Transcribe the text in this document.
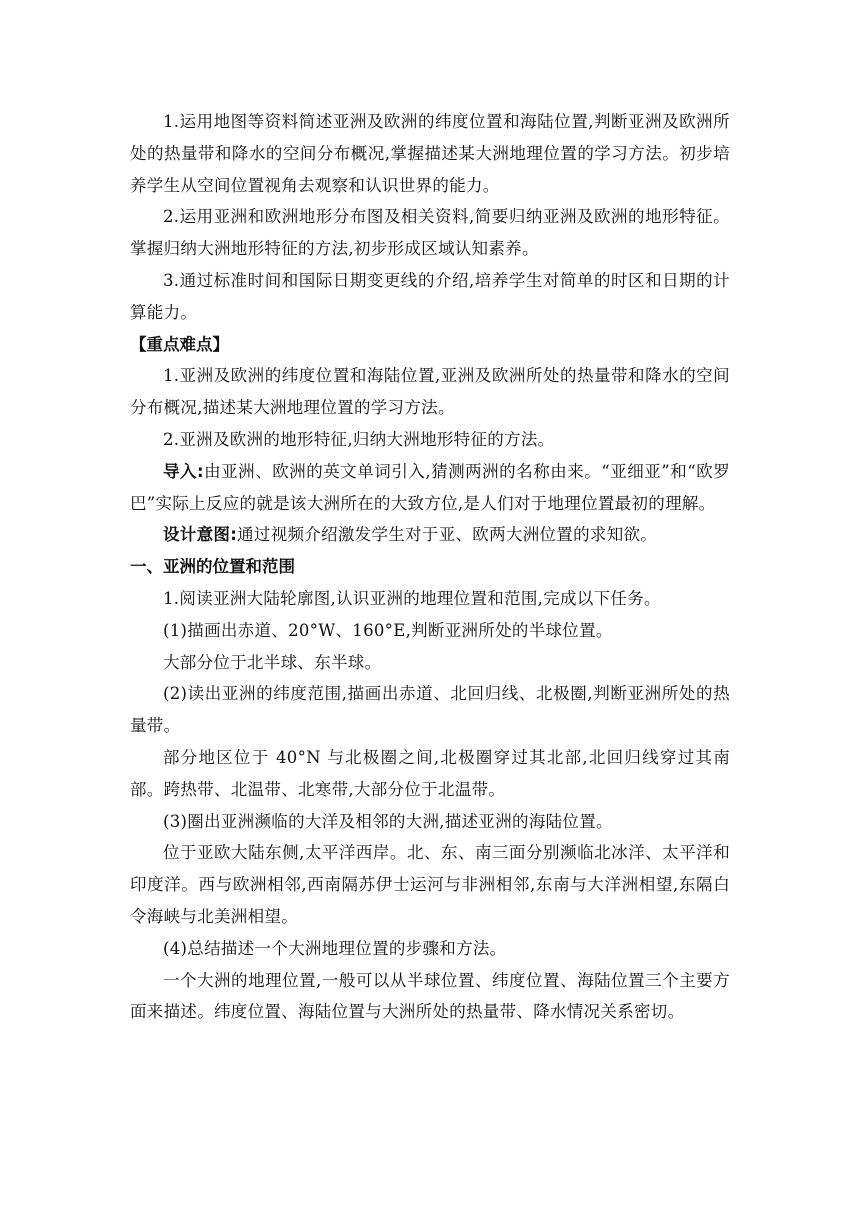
1.运用地图等资料简述亚洲及欧洲的纬度位置和海陆位置,判断亚洲及欧洲所处的热量带和降水的空间分布概况,掌握描述某大洲地理位置的学习方法。初步培养学生从空间位置视角去观察和认识世界的能力。

2.运用亚洲和欧洲地形分布图及相关资料,简要归纳亚洲及欧洲的地形特征。掌握归纳大洲地形特征的方法,初步形成区域认知素养。

3.通过标准时间和国际日期变更线的介绍,培养学生对简单的时区和日期的计算能力。

【重点难点】

1.亚洲及欧洲的纬度位置和海陆位置,亚洲及欧洲所处的热量带和降水的空间分布概况,描述某大洲地理位置的学习方法。

2.亚洲及欧洲的地形特征,归纳大洲地形特征的方法。

导入:由亚洲、欧洲的英文单词引入,猜测两洲的名称由来。“亚细亚”和“欧罗巴”实际上反应的就是该大洲所在的大致方位,是人们对于地理位置最初的理解。

设计意图:通过视频介绍激发学生对于亚、欧两大洲位置的求知欲。

一、亚洲的位置和范围

1.阅读亚洲大陆轮廓图,认识亚洲的地理位置和范围,完成以下任务。

(1)描画出赤道、20°W、160°E,判断亚洲所处的半球位置。

大部分位于北半球、东半球。

(2)读出亚洲的纬度范围,描画出赤道、北回归线、北极圈,判断亚洲所处的热量带。

部分地区位于 40°N 与北极圈之间,北极圈穿过其北部,北回归线穿过其南部。跨热带、北温带、北寒带,大部分位于北温带。

(3)圈出亚洲濒临的大洋及相邻的大洲,描述亚洲的海陆位置。

位于亚欧大陆东侧,太平洋西岸。北、东、南三面分别濒临北冰洋、太平洋和印度洋。西与欧洲相邻,西南隔苏伊士运河与非洲相邻,东南与大洋洲相望,东隔白令海峡与北美洲相望。

(4)总结描述一个大洲地理位置的步骤和方法。

一个大洲的地理位置,一般可以从半球位置、纬度位置、海陆位置三个主要方面来描述。纬度位置、海陆位置与大洲所处的热量带、降水情况关系密切。
